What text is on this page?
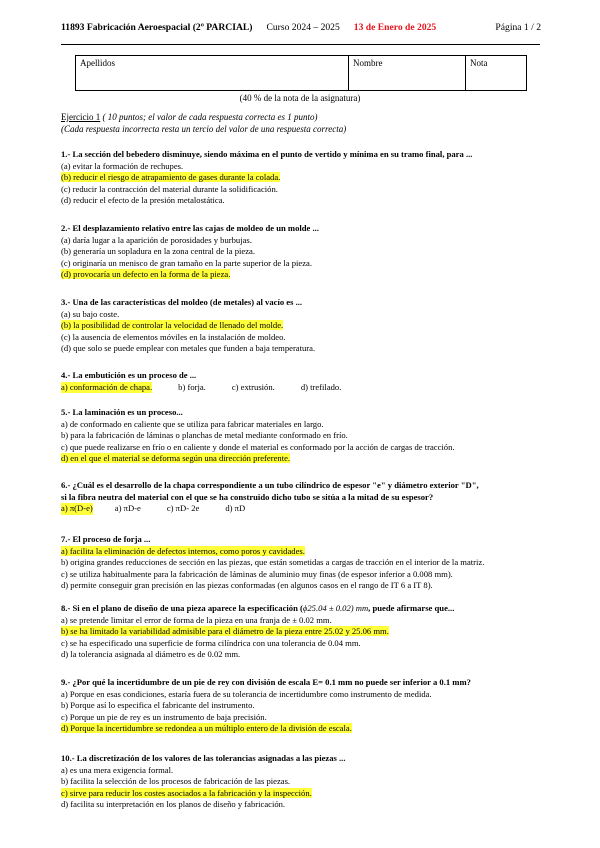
11893 Fabricación Aeroespacial (2º PARCIAL) Curso 2024 – 2025 13 de Enero de 2025	Página 1 / 2
Apellidos	Nombre	Nota
(40 % de la nota de la asignatura)
Ejercicio 1 ( 10 puntos; el valor de cada respuesta correcta es 1 punto)
(Cada respuesta incorrecta resta un tercio del valor de una respuesta correcta)
1.- La sección del bebedero disminuye, siendo máxima en el punto de vertido y mínima en su tramo final, para ...
(a) evitar la formación de rechupes.
(b) reducir el riesgo de atrapamiento de gases durante la colada.
(c) reducir la contracción del material durante la solidificación.
(d) reducir el efecto de la presión metalostática.
2.- El desplazamiento relativo entre las cajas de moldeo de un molde ...
(a) daría lugar a la aparición de porosidades y burbujas.
(b) generaría un sopladura en la zona central de la pieza.
(c) originaría un menisco de gran tamaño en la parte superior de la pieza.
(d) provocaría un defecto en la forma de la pieza.
3.- Una de las características del moldeo (de metales) al vacío es ...
(a) su bajo coste.
(b) la posibilidad de controlar la velocidad de llenado del molde.
(c) la ausencia de elementos móviles en la instalación de moldeo.
(d) que solo se puede emplear con metales que funden a baja temperatura.
4.- La embutición es un proceso de ...
a) conformación de chapa.	b) forja.	c) extrusión.	d) trefilado.
5.- La laminación es un proceso...
a) de conformado en caliente que se utiliza para fabricar materiales en largo.
b) para la fabricación de láminas o planchas de metal mediante conformado en frío.
c) que puede realizarse en frío o en caliente y donde el material es conformado por la acción de cargas de tracción.
d) en el que el material se deforma según una dirección preferente.
6.- ¿Cuál es el desarrollo de la chapa correspondiente a un tubo cilíndrico de espesor "e" y diámetro exterior "D",
si la fibra neutra del material con el que se ha construido dicho tubo se sitúa a la mitad de su espesor?
a) π(D-e)	a) πD-e	c) πD- 2e	d) πD
7.- El proceso de forja ...
a) facilita la eliminación de defectos internos, como poros y cavidades.
b) origina grandes reducciones de sección en las piezas, que están sometidas a cargas de tracción en el interior de la matriz.
c) se utiliza habitualmente para la fabricación de láminas de aluminio muy finas (de espesor inferior a 0.008 mm).
d) permite conseguir gran precisión en las piezas conformadas (en algunos casos en el rango de IT 6 a IT 8).
8.- Si en el plano de diseño de una pieza aparece la especificación (ϕ25.04 ± 0.02) mm, puede afirmarse que...
a) se pretende limitar el error de forma de la pieza en una franja de ± 0.02 mm.
b) se ha limitado la variabilidad admisible para el diámetro de la pieza entre 25.02 y 25.06 mm.
c) se ha especificado una superficie de forma cilíndrica con una tolerancia de 0.04 mm.
d) la tolerancia asignada al diámetro es de 0.02 mm.
9.- ¿Por qué la incertidumbre de un pie de rey con división de escala E= 0.1 mm no puede ser inferior a 0.1 mm?
a) Porque en esas condiciones, estaría fuera de su tolerancia de incertidumbre como instrumento de medida.
b) Porque así lo especifica el fabricante del instrumento.
c) Porque un pie de rey es un instrumento de baja precisión.
d) Porque la incertidumbre se redondea a un múltiplo entero de la división de escala.
10.- La discretización de los valores de las tolerancias asignadas a las piezas ...
a) es una mera exigencia formal.
b) facilita la selección de los procesos de fabricación de las piezas.
c) sirve para reducir los costes asociados a la fabricación y la inspección.
d) facilita su interpretación en los planos de diseño y fabricación.
